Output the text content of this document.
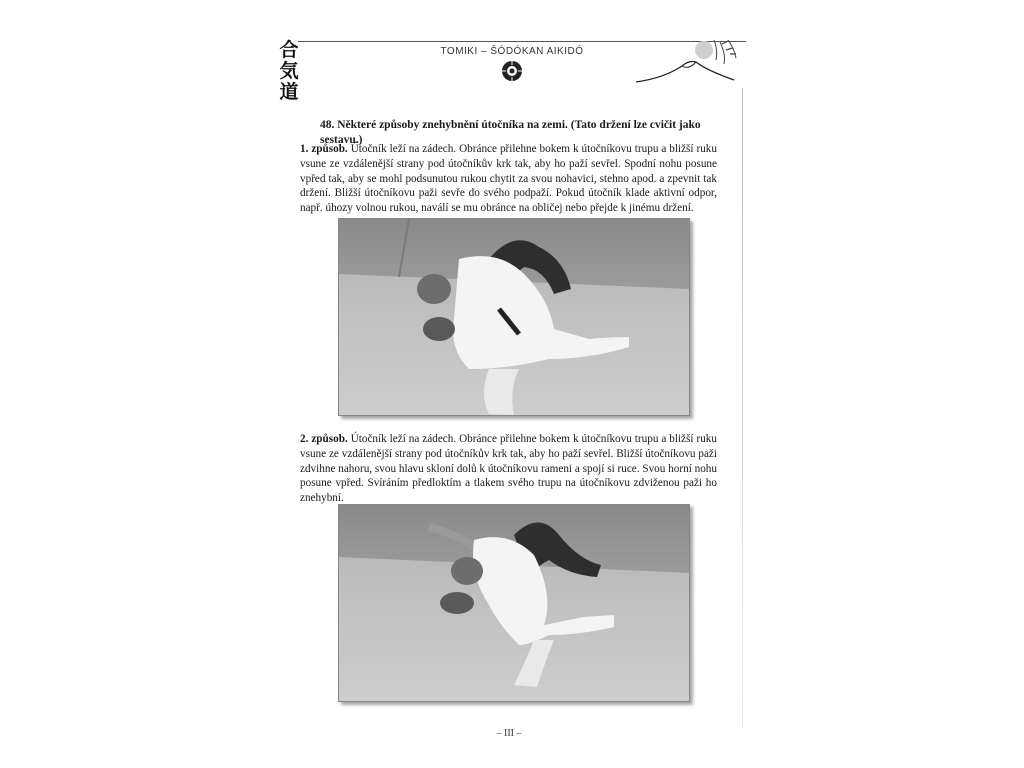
合
気
道
TOMIKI – ŠÓDÓKAN AIKIDÓ
48. Některé způsoby znehybnění útočníka na zemi. (Tato držení lze cvičit jako sestavu.)
1. způsob. Útočník leží na zádech. Obránce přilehne bokem k útočníkovu trupu a bližší ruku vsune ze vzdálenější strany pod útočníkův krk tak, aby ho paží sevřel. Spodní nohu posune vpřed tak, aby se mohl podsunutou rukou chytit za svou nohavici, stehno apod. a zpevnit tak držení. Bližší útočníkovu paži sevře do svého podpaží. Pokud útočník klade aktivní odpor, např. úhozy volnou rukou, naválí se mu obránce na obličej nebo přejde k jinému držení.
2. způsob. Útočník leží na zádech. Obránce přilehne bokem k útočníkovu trupu a bližší ruku vsune ze vzdálenější strany pod útočníkův krk tak, aby ho paží sevřel. Bližší útočníkovu paži zdvihne nahoru, svou hlavu skloní dolů k útočníkovu rameni a spojí si ruce. Svou horní nohu posune vpřed. Svíráním předloktím a tlakem svého trupu na útočníkovu zdviženou paži ho znehybní.
– III –
